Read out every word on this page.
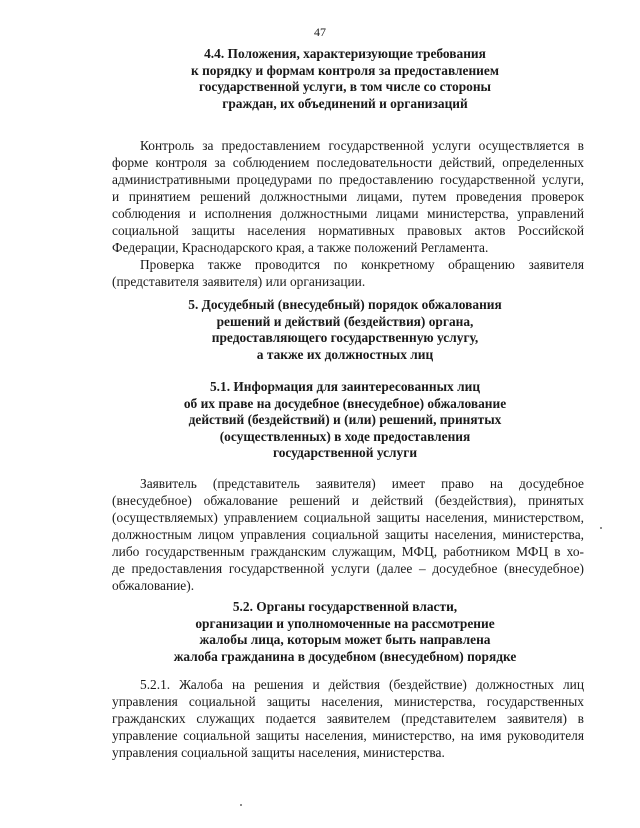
47
4.4. Положения, характеризующие требования
к порядку и формам контроля за предоставлением
государственной услуги, в том числе со стороны
граждан, их объединений и организаций
Контроль за предоставлением государственной услуги осуществляется в
форме контроля за соблюдением последовательности действий, определенных
административными процедурами по предоставлению государственной услуги,
и принятием решений должностными лицами, путем проведения проверок
соблюдения и исполнения должностными лицами министерства, управлений
социальной защиты населения нормативных правовых актов Российской
Федерации, Краснодарского края, а также положений Регламента.
Проверка также проводится по конкретному обращению заявителя
(представителя заявителя) или организации.
5. Досудебный (внесудебный) порядок обжалования
решений и действий (бездействия) органа,
предоставляющего государственную услугу,
а также их должностных лиц
5.1. Информация для заинтересованных лиц
об их праве на досудебное (внесудебное) обжалование
действий (бездействий) и (или) решений, принятых
(осуществленных) в ходе предоставления
государственной услуги
Заявитель (представитель заявителя) имеет право на досудебное
(внесудебное) обжалование решений и действий (бездействия), принятых
(осуществляемых) управлением социальной защиты населения, министерством,
должностным лицом управления социальной защиты населения, министерства,
либо государственным гражданским служащим, МФЦ, работником МФЦ в хо-
де предоставления государственной услуги (далее – досудебное (внесудебное)
обжалование).
5.2. Органы государственной власти,
организации и уполномоченные на рассмотрение
жалобы лица, которым может быть направлена
жалоба гражданина в досудебном (внесудебном) порядке
5.2.1. Жалоба на решения и действия (бездействие) должностных лиц
управления социальной защиты населения, министерства, государственных
гражданских служащих подается заявителем (представителем заявителя) в
управление социальной защиты населения, министерство, на имя руководителя
управления социальной защиты населения, министерства.
